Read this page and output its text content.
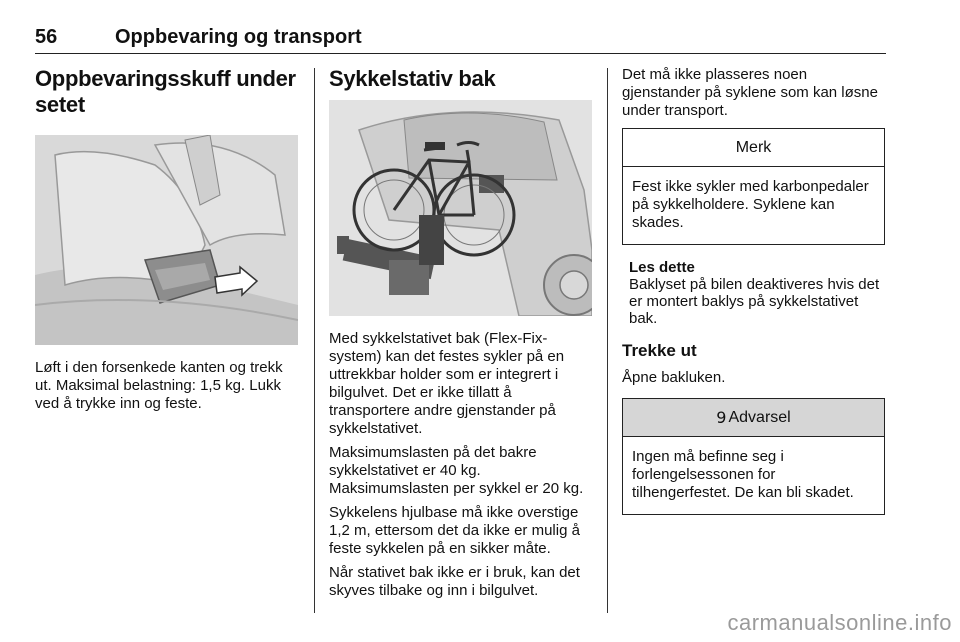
56	Oppbevaring og transport
Oppbevaringsskuff under setet

Løft i den forsenkede kanten og trekk ut. Maksimal belastning: 1,5 kg. Lukk ved å trykke inn og feste.

Sykkelstativ bak

Med sykkelstativet bak (Flex-Fix-system) kan det festes sykler på en uttrekkbar holder som er integrert i bilgulvet. Det er ikke tillatt å transportere andre gjenstander på sykkelstativet.

Maksimumslasten på det bakre sykkelstativet er 40 kg. Maksimumslasten per sykkel er 20 kg.

Sykkelens hjulbase må ikke overstige 1,2 m, ettersom det da ikke er mulig å feste sykkelen på en sikker måte.

Når stativet bak ikke er i bruk, kan det skyves tilbake og inn i bilgulvet.

Det må ikke plasseres noen gjenstander på syklene som kan løsne under transport.

Merk
Fest ikke sykler med karbonpedaler på sykkelholdere. Syklene kan skades.
Les dette

Baklyset på bilen deaktiveres hvis det er montert baklys på sykkelstativet bak.

Trekke ut

Åpne bakluken.

9 Advarsel
Ingen må befinne seg i forlengelsessonen for tilhengerfestet. De kan bli skadet.
carmanualsonline.info
